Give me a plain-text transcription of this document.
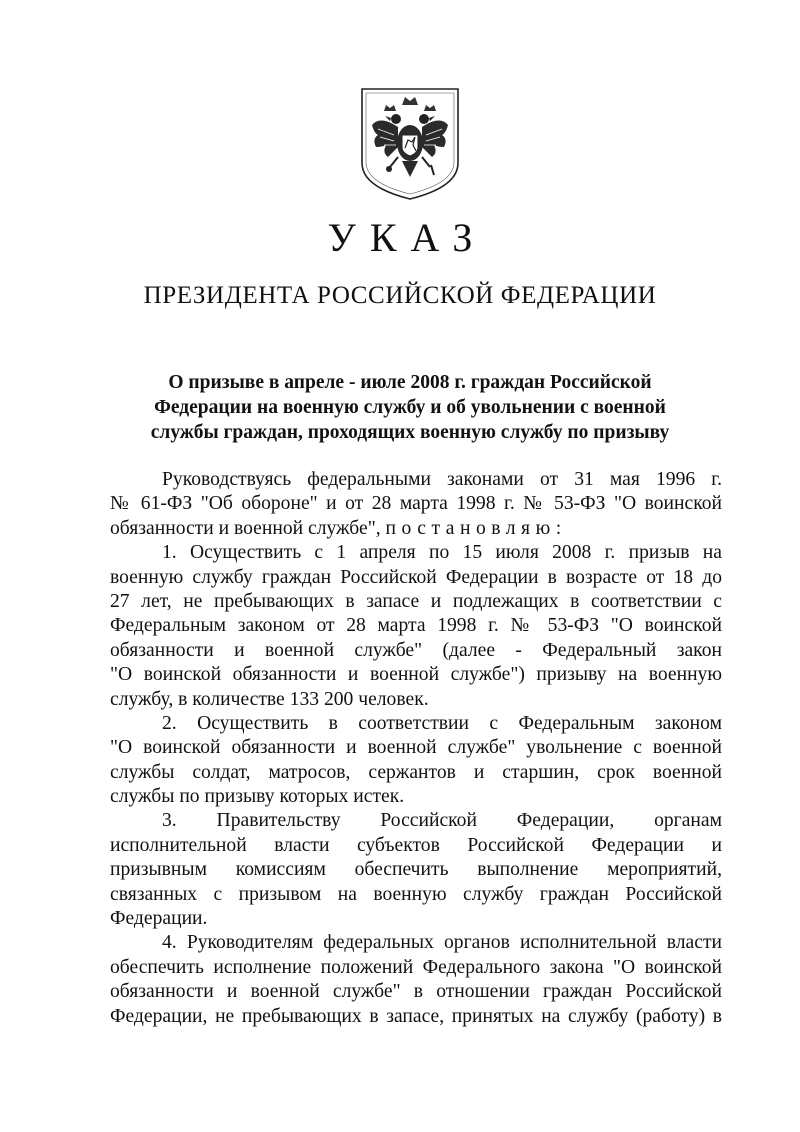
УКАЗ
ПРЕЗИДЕНТА РОССИЙСКОЙ ФЕДЕРАЦИИ
О призыве в апреле - июле 2008 г. граждан Российской
Федерации на военную службу и об увольнении с военной
службы граждан, проходящих военную службу по призыву
Руководствуясь федеральными законами от 31 мая 1996 г.
№ 61-ФЗ "Об обороне" и от 28 марта 1998 г. № 53-ФЗ "О воинской
обязанности и военной службе", постановляю:
1. Осуществить с 1 апреля по 15 июля 2008 г. призыв на
военную службу граждан Российской Федерации в возрасте от 18 до
27 лет, не пребывающих в запасе и подлежащих в соответствии с
Федеральным законом от 28 марта 1998 г. № 53-ФЗ "О воинской
обязанности и военной службе" (далее - Федеральный закон
"О воинской обязанности и военной службе") призыву на военную
службу, в количестве 133 200 человек.
2. Осуществить в соответствии с Федеральным законом
"О воинской обязанности и военной службе" увольнение с военной
службы солдат, матросов, сержантов и старшин, срок военной
службы по призыву которых истек.
3. Правительству Российской Федерации, органам
исполнительной власти субъектов Российской Федерации и
призывным комиссиям обеспечить выполнение мероприятий,
связанных с призывом на военную службу граждан Российской
Федерации.
4. Руководителям федеральных органов исполнительной власти
обеспечить исполнение положений Федерального закона "О воинской
обязанности и военной службе" в отношении граждан Российской
Федерации, не пребывающих в запасе, принятых на службу (работу) в
